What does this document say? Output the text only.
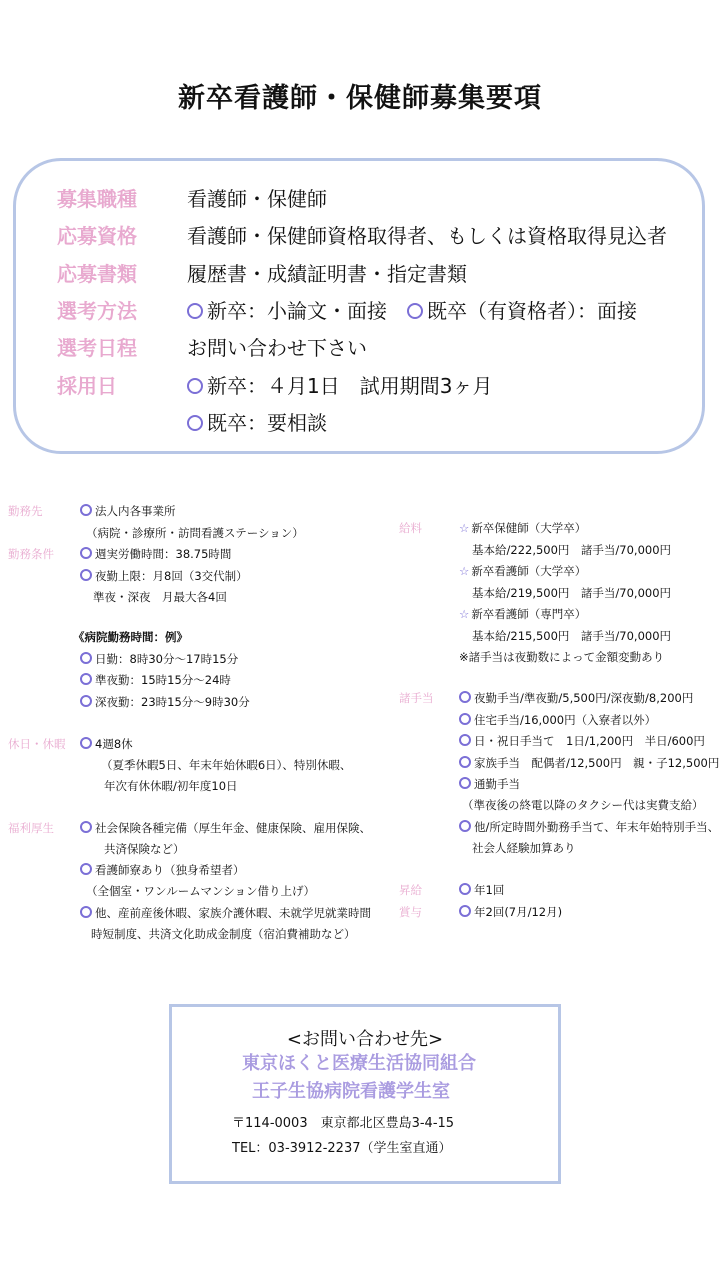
新卒看護師・保健師募集要項
募集職種	看護師・保健師
応募資格	看護師・保健師資格取得者、もしくは資格取得見込者
応募書類	履歴書・成績証明書・指定書類
選考方法	新卒：小論文・面接　 既卒（有資格者）：面接
選考日程	お問い合わせ下さい
採用日	新卒：４月1日　試用期間3ヶ月
既卒：要相談
勤務先	法人内各事業所
（病院・診療所・訪問看護ステーション）
勤務条件	週実労働時間：38.75時間
夜勤上限：月8回（3交代制）
準夜・深夜　月最大各4回
《病院勤務時間：例》
日勤：8時30分～17時15分
準夜勤：15時15分～24時
深夜勤：23時15分～9時30分
休日・休暇	4週8休
（夏季休暇5日、年末年始休暇6日）、特別休暇、
年次有休休暇/初年度10日
福利厚生	社会保険各種完備（厚生年金、健康保険、雇用保険、
共済保険など）
看護師寮あり（独身希望者）
（全個室・ワンルームマンション借り上げ）
他、産前産後休暇、家族介護休暇、未就学児就業時間
時短制度、共済文化助成金制度（宿泊費補助など）
給料	☆ 新卒保健師（大学卒）
基本給/222,500円　諸手当/70,000円
☆ 新卒看護師（大学卒）
基本給/219,500円　諸手当/70,000円
☆ 新卒看護師（専門卒）
基本給/215,500円　諸手当/70,000円
※諸手当は夜勤数によって金額変動あり
諸手当	夜勤手当/準夜勤/5,500円/深夜勤/8,200円
住宅手当/16,000円（入寮者以外）
日・祝日手当て　1日/1,200円　半日/600円
家族手当　配偶者/12,500円　親・子12,500円
通勤手当
（準夜後の終電以降のタクシー代は実費支給）
他/所定時間外勤務手当て、年末年始特別手当、
社会人経験加算あり
昇給	年1回
賞与	年2回(7月/12月)
<お問い合わせ先>
東京ほくと医療生活協同組合
王子生協病院看護学生室
〒114-0003　東京都北区豊島3-4-15
TEL：03-3912-2237（学生室直通）
